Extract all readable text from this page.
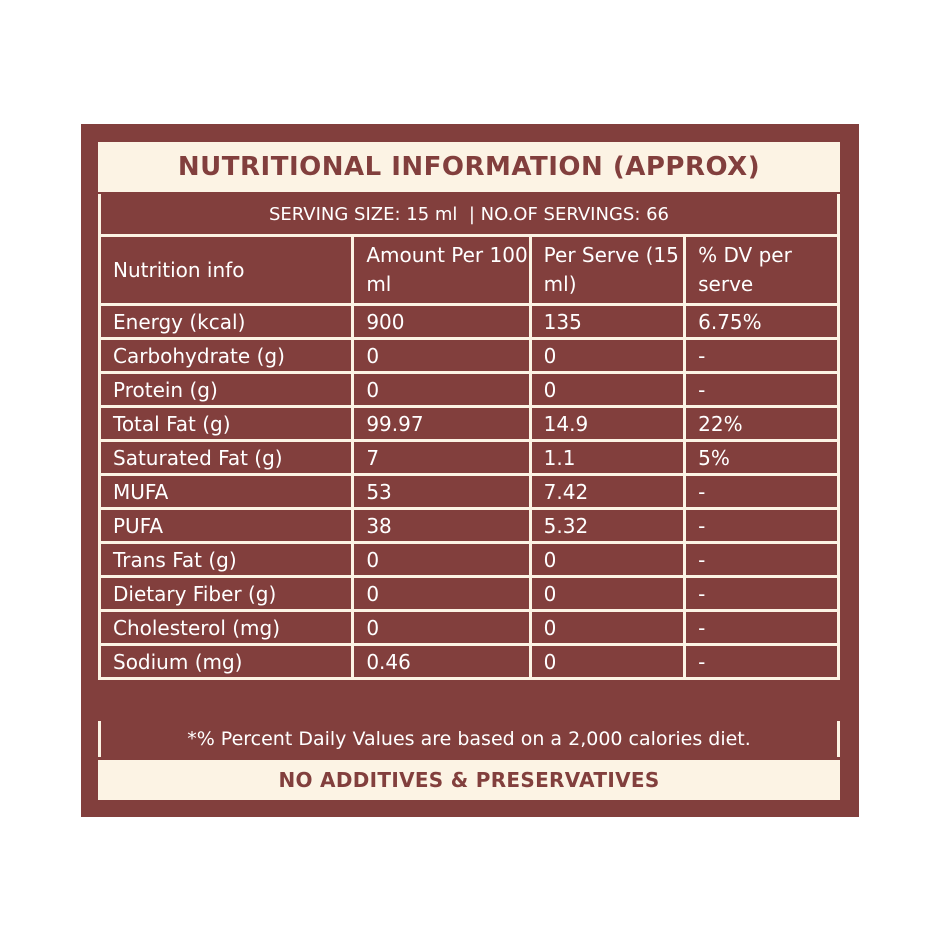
NUTRITIONAL INFORMATION (APPROX)
SERVING SIZE: 15 ml  | NO.OF SERVINGS: 66
Nutrition info	Amount Per 100 ml	Per Serve (15 ml)	% DV per serve
Energy (kcal)	900	135	6.75%
Carbohydrate (g)	0	0	-
Protein (g)	0	0	-
Total Fat (g)	99.97	14.9	22%
Saturated Fat (g)	7	1.1	5%
MUFA	53	7.42	-
PUFA	38	5.32	-
Trans Fat (g)	0	0	-
Dietary Fiber (g)	0	0	-
Cholesterol (mg)	0	0	-
Sodium (mg)	0.46	0	-
*% Percent Daily Values are based on a 2,000 calories diet.
NO ADDITIVES & PRESERVATIVES
